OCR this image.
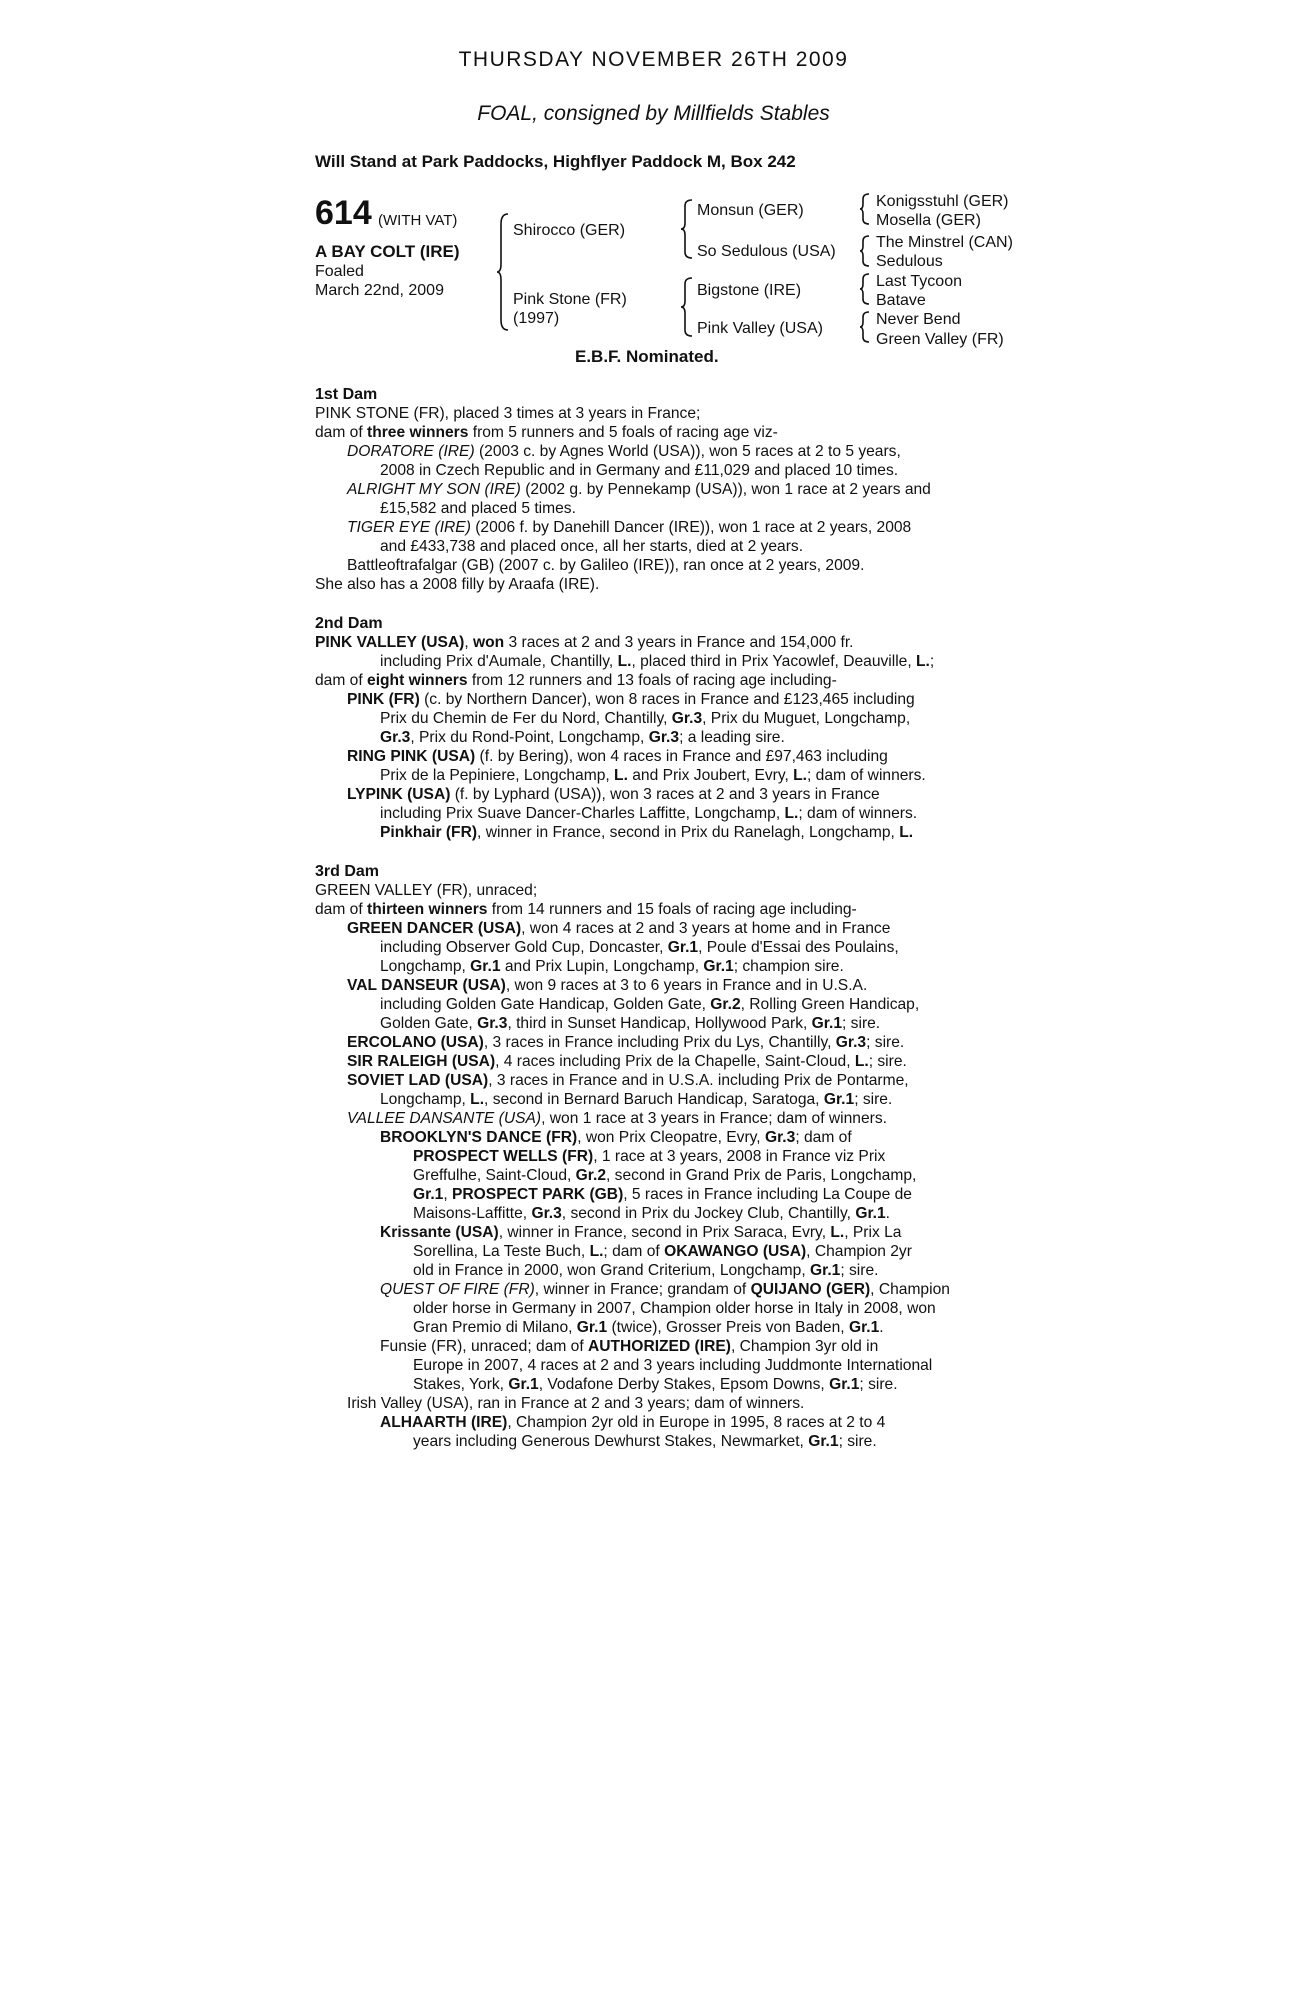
THURSDAY NOVEMBER 26TH 2009
FOAL, consigned by Millfields Stables
Will Stand at Park Paddocks, Highflyer Paddock M, Box 242
614 (WITH VAT)
A BAY COLT (IRE)
Foaled
March 22nd, 2009
Shirocco (GER)
Pink Stone (FR)
(1997)
Monsun (GER)
So Sedulous (USA)
Bigstone (IRE)
Pink Valley (USA)
Konigsstuhl (GER)
Mosella (GER)
The Minstrel (CAN)
Sedulous
Last Tycoon
Batave
Never Bend
Green Valley (FR)
E.B.F. Nominated.
1st Dam
PINK STONE (FR), placed 3 times at 3 years in France;
dam of three winners from 5 runners and 5 foals of racing age viz-
DORATORE (IRE) (2003 c. by Agnes World (USA)), won 5 races at 2 to 5 years,
2008 in Czech Republic and in Germany and £11,029 and placed 10 times.
ALRIGHT MY SON (IRE) (2002 g. by Pennekamp (USA)), won 1 race at 2 years and
£15,582 and placed 5 times.
TIGER EYE (IRE) (2006 f. by Danehill Dancer (IRE)), won 1 race at 2 years, 2008
and £433,738 and placed once, all her starts, died at 2 years.
Battleoftrafalgar (GB) (2007 c. by Galileo (IRE)), ran once at 2 years, 2009.
She also has a 2008 filly by Araafa (IRE).
2nd Dam
PINK VALLEY (USA), won 3 races at 2 and 3 years in France and 154,000 fr.
including Prix d'Aumale, Chantilly, L., placed third in Prix Yacowlef, Deauville, L.;
dam of eight winners from 12 runners and 13 foals of racing age including-
PINK (FR) (c. by Northern Dancer), won 8 races in France and £123,465 including
Prix du Chemin de Fer du Nord, Chantilly, Gr.3, Prix du Muguet, Longchamp,
Gr.3, Prix du Rond-Point, Longchamp, Gr.3; a leading sire.
RING PINK (USA) (f. by Bering), won 4 races in France and £97,463 including
Prix de la Pepiniere, Longchamp, L. and Prix Joubert, Evry, L.; dam of winners.
LYPINK (USA) (f. by Lyphard (USA)), won 3 races at 2 and 3 years in France
including Prix Suave Dancer-Charles Laffitte, Longchamp, L.; dam of winners.
Pinkhair (FR), winner in France, second in Prix du Ranelagh, Longchamp, L.
3rd Dam
GREEN VALLEY (FR), unraced;
dam of thirteen winners from 14 runners and 15 foals of racing age including-
GREEN DANCER (USA), won 4 races at 2 and 3 years at home and in France
including Observer Gold Cup, Doncaster, Gr.1, Poule d'Essai des Poulains,
Longchamp, Gr.1 and Prix Lupin, Longchamp, Gr.1; champion sire.
VAL DANSEUR (USA), won 9 races at 3 to 6 years in France and in U.S.A.
including Golden Gate Handicap, Golden Gate, Gr.2, Rolling Green Handicap,
Golden Gate, Gr.3, third in Sunset Handicap, Hollywood Park, Gr.1; sire.
ERCOLANO (USA), 3 races in France including Prix du Lys, Chantilly, Gr.3; sire.
SIR RALEIGH (USA), 4 races including Prix de la Chapelle, Saint-Cloud, L.; sire.
SOVIET LAD (USA), 3 races in France and in U.S.A. including Prix de Pontarme,
Longchamp, L., second in Bernard Baruch Handicap, Saratoga, Gr.1; sire.
VALLEE DANSANTE (USA), won 1 race at 3 years in France; dam of winners.
BROOKLYN'S DANCE (FR), won Prix Cleopatre, Evry, Gr.3; dam of
PROSPECT WELLS (FR), 1 race at 3 years, 2008 in France viz Prix
Greffulhe, Saint-Cloud, Gr.2, second in Grand Prix de Paris, Longchamp,
Gr.1, PROSPECT PARK (GB), 5 races in France including La Coupe de
Maisons-Laffitte, Gr.3, second in Prix du Jockey Club, Chantilly, Gr.1.
Krissante (USA), winner in France, second in Prix Saraca, Evry, L., Prix La
Sorellina, La Teste Buch, L.; dam of OKAWANGO (USA), Champion 2yr
old in France in 2000, won Grand Criterium, Longchamp, Gr.1; sire.
QUEST OF FIRE (FR), winner in France; grandam of QUIJANO (GER), Champion
older horse in Germany in 2007, Champion older horse in Italy in 2008, won
Gran Premio di Milano, Gr.1 (twice), Grosser Preis von Baden, Gr.1.
Funsie (FR), unraced; dam of AUTHORIZED (IRE), Champion 3yr old in
Europe in 2007, 4 races at 2 and 3 years including Juddmonte International
Stakes, York, Gr.1, Vodafone Derby Stakes, Epsom Downs, Gr.1; sire.
Irish Valley (USA), ran in France at 2 and 3 years; dam of winners.
ALHAARTH (IRE), Champion 2yr old in Europe in 1995, 8 races at 2 to 4
years including Generous Dewhurst Stakes, Newmarket, Gr.1; sire.
